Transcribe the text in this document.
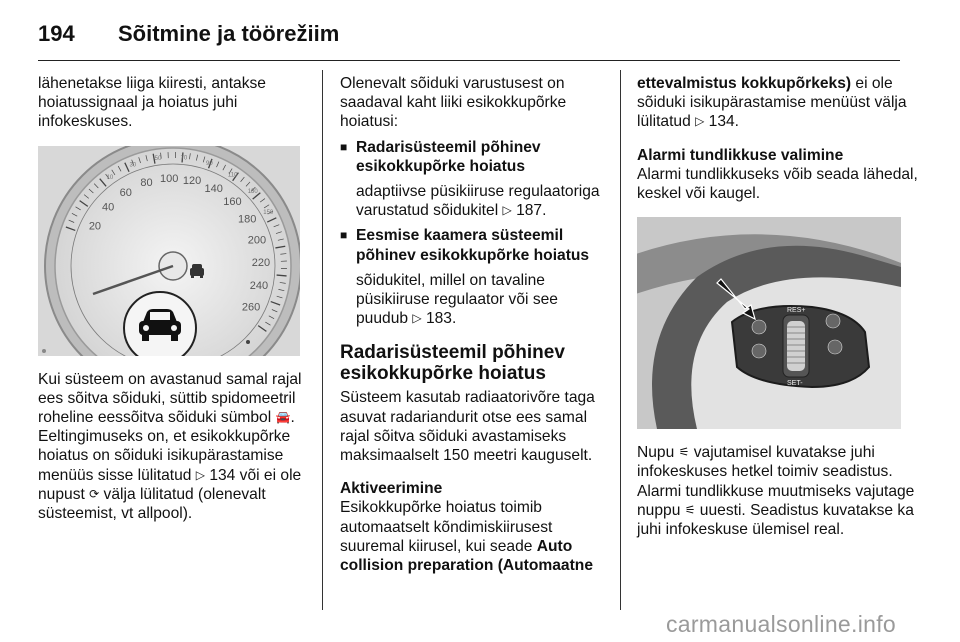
194	Sõitmine ja töörežiim

lähenetakse liiga kiiresti, antakse hoiatussignaal ja hoiatus juhi infokeskuses.

20
40
60
80 100 120
140
160
180
200
220
240
260
10
30
50	70
90
110
130
150

Kui süsteem on avastanud samal rajal ees sõitva sõiduki, süttib spidomeetril roheline eessõitva sõiduki sümbol 🚘. Eeltingimuseks on, et esikokkupõrke hoiatus on sõiduki isikupärastamise menüüs sisse lülitatud ▷ 134 või ei ole nupust ⟳ välja lülitatud (olenevalt süsteemist, vt allpool).

Olenevalt sõiduki varustusest on saadaval kaht liiki esikokkupõrke hoiatusi:

■ Radarisüsteemil põhinev esikokkupõrke hoiatus

adaptiivse püsikiiruse regulaatoriga varustatud sõidukitel ▷ 187.

■ Eesmise kaamera süsteemil põhinev esikokkupõrke hoiatus

sõidukitel, millel on tavaline püsikiiruse regulaator või see puudub ▷ 183.

Radarisüsteemil põhinev esikokkupõrke hoiatus

Süsteem kasutab radiaatorivõre taga asuvat radariandurit otse ees samal rajal sõitva sõiduki avastamiseks maksimaalselt 150 meetri kauguselt.

Aktiveerimine

Esikokkupõrke hoiatus toimib automaatselt kõndimiskiirusest suuremal kiirusel, kui seade Auto collision preparation (Automaatne

ettevalmistus kokkupõrkeks) ei ole sõiduki isikupärastamise menüüst välja lülitatud ▷ 134.

Alarmi tundlikkuse valimine

Alarmi tundlikkuseks võib seada lähedal, keskel või kaugel.

RES+
SET-

Nupu ⚟ vajutamisel kuvatakse juhi infokeskuses hetkel toimiv seadistus. Alarmi tundlikkuse muutmiseks vajutage nuppu ⚟ uuesti. Seadistus kuvatakse ka juhi infokeskuse ülemisel real.

carmanualsonline.info
